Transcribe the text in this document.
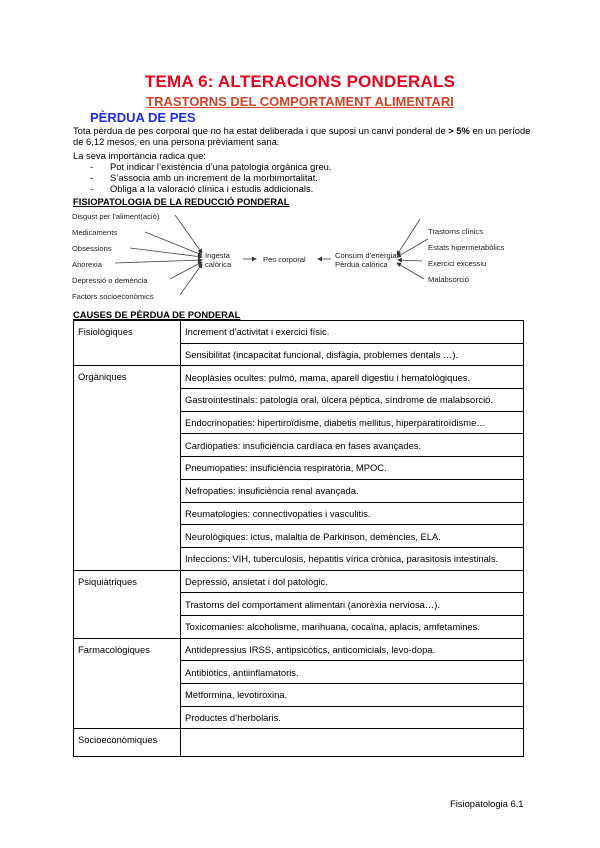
TEMA 6: ALTERACIONS PONDERALS
TRASTORNS DEL COMPORTAMENT ALIMENTARI
PÈRDUA DE PES
Tota pèrdua de pes corporal que no ha estat deliberada i que suposi un canvi ponderal de > 5% en un període de 6,12 mesos, en una persona prèviament sana.
La seva importància radica que:
- Pot indicar l’existència d’una patologia orgànica greu.
- S’associa amb un increment de la morbimortalitat.
- Obliga a la valoració clínica i estudis addicionals.
FISIOPATOLOGIA DE LA REDUCCIÓ PONDERAL
Disgust per l’aliment(ació)
Medicaments
Obsessions
Anorexia
Depressió o demència
Factors socioeconòmics
Ingesta
calòrica
Pes corporal	Consum d’energia
Pèrdua calòrica
Trastorns clínics
Estats hipermetabòlics
Exercici excessiu
Malabsorció
CAUSES DE PÈRDUA DE PONDERAL
Fisiològiques	Increment d’activitat i exercici físic.
	Sensibilitat (incapacitat funcional, disfàgia, problemes dentals …).
Orgàniques	Neoplàsies ocultes: pulmó, mama, aparell digestiu i hematològiques.
	Gastrointestinals: patologia oral, úlcera pèptica, síndrome de malabsorció.
	Endocrinopaties: hipertiroïdisme, diabetis mellitus, hiperparatiroïdisme…
	Cardiopaties: insuficiència cardíaca en fases avançades.
	Pneumopaties: insuficiència respiratòria, MPOC.
	Nefropaties: insuficiència renal avançada.
	Reumatologies: connectivopaties i vasculitis.
	Neurològiques: ictus, malaltia de Parkinson, demències, ELA.
	Infeccions: VIH, tuberculosis, hepatitis vírica crònica, parasitosis intestinals.
Psiquiàtriques	Depressió, ansietat i dol patològic.
	Trastorns del comportament alimentari (anorèxia nerviosa…).
	Toxicomanies: alcoholisme, marihuana, cocaïna, aplacis, amfetamines.
Farmacològiques	Antidepressius IRSS, antipsicòtics, anticomicials, levo-dopa.
	Antibiòtics, antiinflamatoris.
	Metformina, levotiroxina.
	Productes d’herbolaris.
Socioeconòmiques	
Fisiopatologia 6.1
